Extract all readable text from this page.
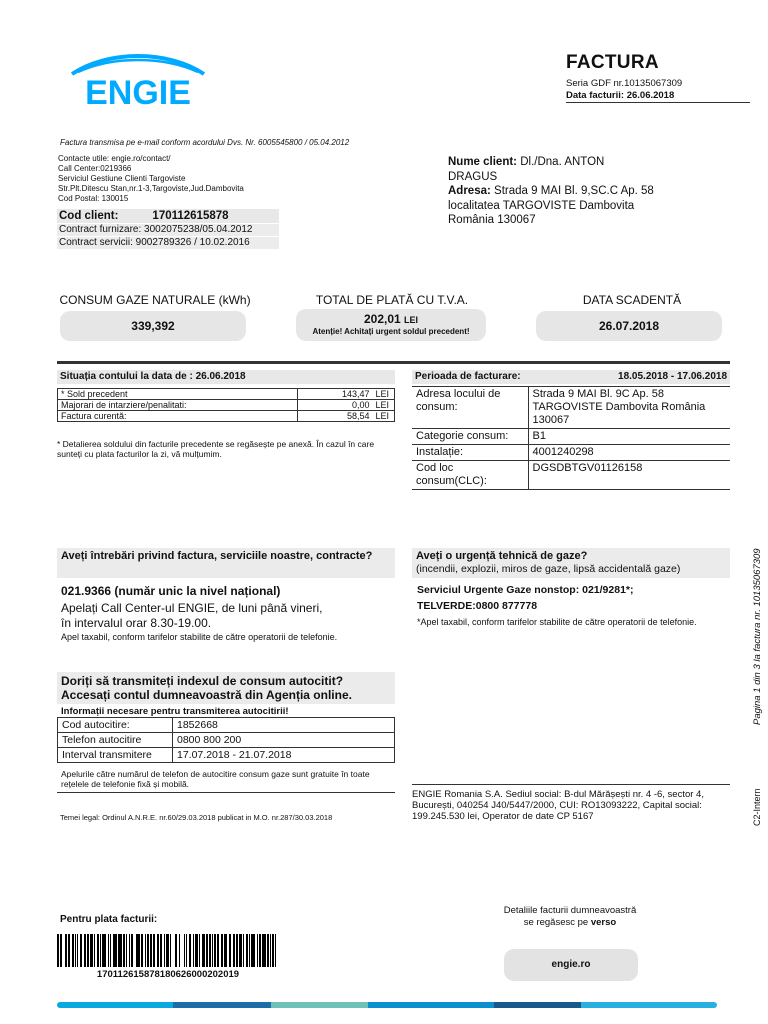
ENGIE
FACTURA
Seria GDF nr.10135067309
Data facturii: 26.06.2018
Factura transmisa pe e-mail conform acordului Dvs. Nr. 6005545800 / 05.04.2012
Contacte utile: engie.ro/contact/
Call Center:0219366
Serviciul Gestiune Clienti Targoviste
Str.Plt.Ditescu Stan,nr.1-3,Targoviste,Jud.Dambovita
Cod Postal: 130015
Cod client:	170112615878
Contract furnizare: 3002075238/05.04.2012
Contract servicii: 9002789326 / 10.02.2016
Nume client: Dl./Dna. ANTON
DRAGUS
Adresa: Strada 9 MAI Bl. 9,SC.C Ap. 58
localitatea TARGOVISTE Dambovita
România 130067
CONSUM GAZE NATURALE (kWh)
339,392
TOTAL DE PLATĂ CU T.V.A.
202,01 LEI
Atenție! Achitați urgent soldul precedent!
DATA SCADENTĂ
26.07.2018
Situația contului la data de : 26.06.2018
* Sold precedent	143,47	LEI
Majorari de intarziere/penalitati:	0,00	LEI
Factura curentă:	58,54	LEI
* Detalierea soldului din facturile precedente se regăsește pe anexă. În cazul în care sunteți cu plata facturilor la zi, vă mulțumim.
Perioada de facturare:	18.05.2018 - 17.06.2018
Adresa locului de consum:	Strada 9 MAI Bl. 9C Ap. 58 TARGOVISTE Dambovita România 130067
Categorie consum:	B1
Instalație:	4001240298
Cod loc consum(CLC):	DGSDBTGV01126158
Aveți întrebări privind factura, serviciile noastre, contracte?
021.9366 (număr unic la nivel național)
Apelați Call Center-ul ENGIE, de luni până vineri,
în intervalul orar 8.30-19.00.
Apel taxabil, conform tarifelor stabilite de către operatorii de telefonie.
Aveți o urgență tehnică de gaze?
(incendii, explozii, miros de gaze, lipsă accidentală gaze)
Serviciul Urgente Gaze nonstop: 021/9281*;
TELVERDE:0800 877778
*Apel taxabil, conform tarifelor stabilite de către operatorii de telefonie.
Doriți să transmiteți indexul de consum autocitit?
Accesați contul dumneavoastră din Agenția online.
Informații necesare pentru transmiterea autocitirii!
Cod autocitire:	1852668
Telefon autocitire	0800 800 200
Interval transmitere	17.07.2018 - 21.07.2018
Apelurile către numărul de telefon de autocitire consum gaze sunt gratuite în toate rețelele de telefonie fixă și mobilă.
Temei legal: Ordinul A.N.R.E. nr.60/29.03.2018 publicat in M.O. nr.287/30.03.2018
ENGIE Romania S.A. Sediul social: B-dul Mărășești nr. 4 -6, sector 4, București, 040254 J40/5447/2000, CUI: RO13093222, Capital social: 199.245.530 lei, Operator de date CP 5167
Pentru plata facturii:
170112615878180626000202019
Detaliile facturii dumneavoastră
se regăsesc pe verso
engie.ro
Pagina 1 din 3 la factura nr. 10135067309
C2-Intern
